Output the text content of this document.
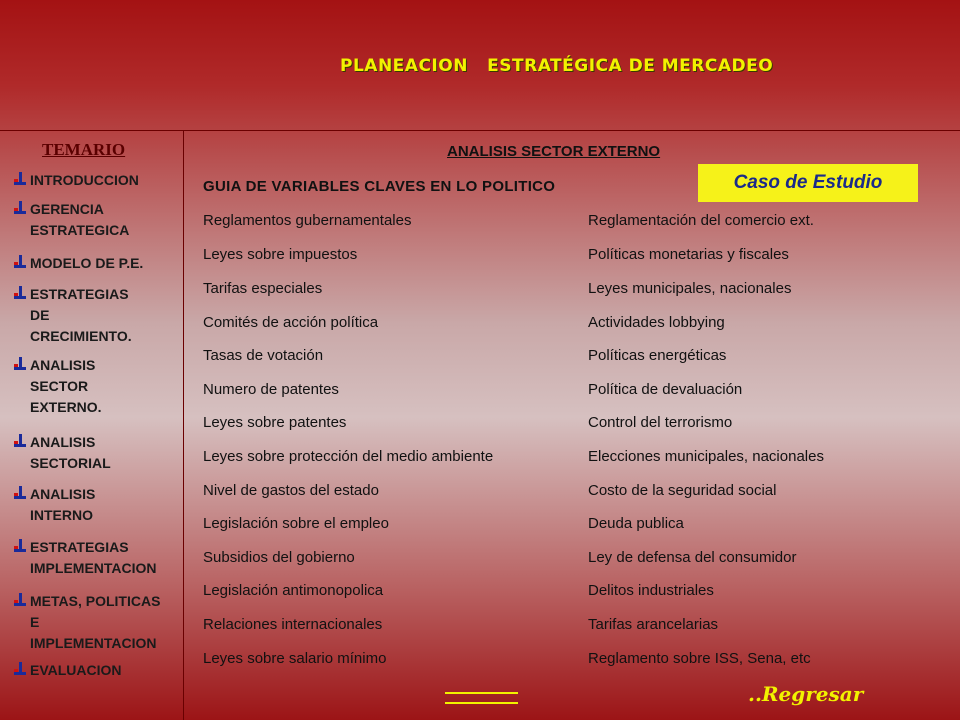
PLANEACION   ESTRATÉGICA DE MERCADEO
TEMARIO
INTRODUCCION
GERENCIA
ESTRATEGICA
MODELO DE P.E.
ESTRATEGIAS
DE
CRECIMIENTO.
ANALISIS
SECTOR
EXTERNO.
ANALISIS
SECTORIAL
ANALISIS
INTERNO
ESTRATEGIAS
IMPLEMENTACION
METAS, POLITICAS
E
IMPLEMENTACION
EVALUACION
ANALISIS SECTOR EXTERNO
Caso de Estudio
GUIA DE VARIABLES CLAVES EN LO POLITICO
Reglamentos gubernamentales	Reglamentación del comercio ext.
Leyes sobre impuestos	Políticas monetarias y fiscales
Tarifas especiales	Leyes municipales, nacionales
Comités de acción política	Actividades lobbying
Tasas de votación	Políticas energéticas
Numero de patentes	Política de devaluación
Leyes sobre patentes	Control del terrorismo
Leyes sobre protección del medio ambiente	Elecciones municipales, nacionales
Nivel de gastos del estado	Costo de la seguridad social
Legislación sobre el empleo	Deuda publica
Subsidios del gobierno	Ley de defensa del consumidor
Legislación antimonopolica	Delitos industriales
Relaciones internacionales	Tarifas arancelarias
Leyes sobre salario mínimo	Reglamento sobre ISS, Sena, etc
..Regresar
